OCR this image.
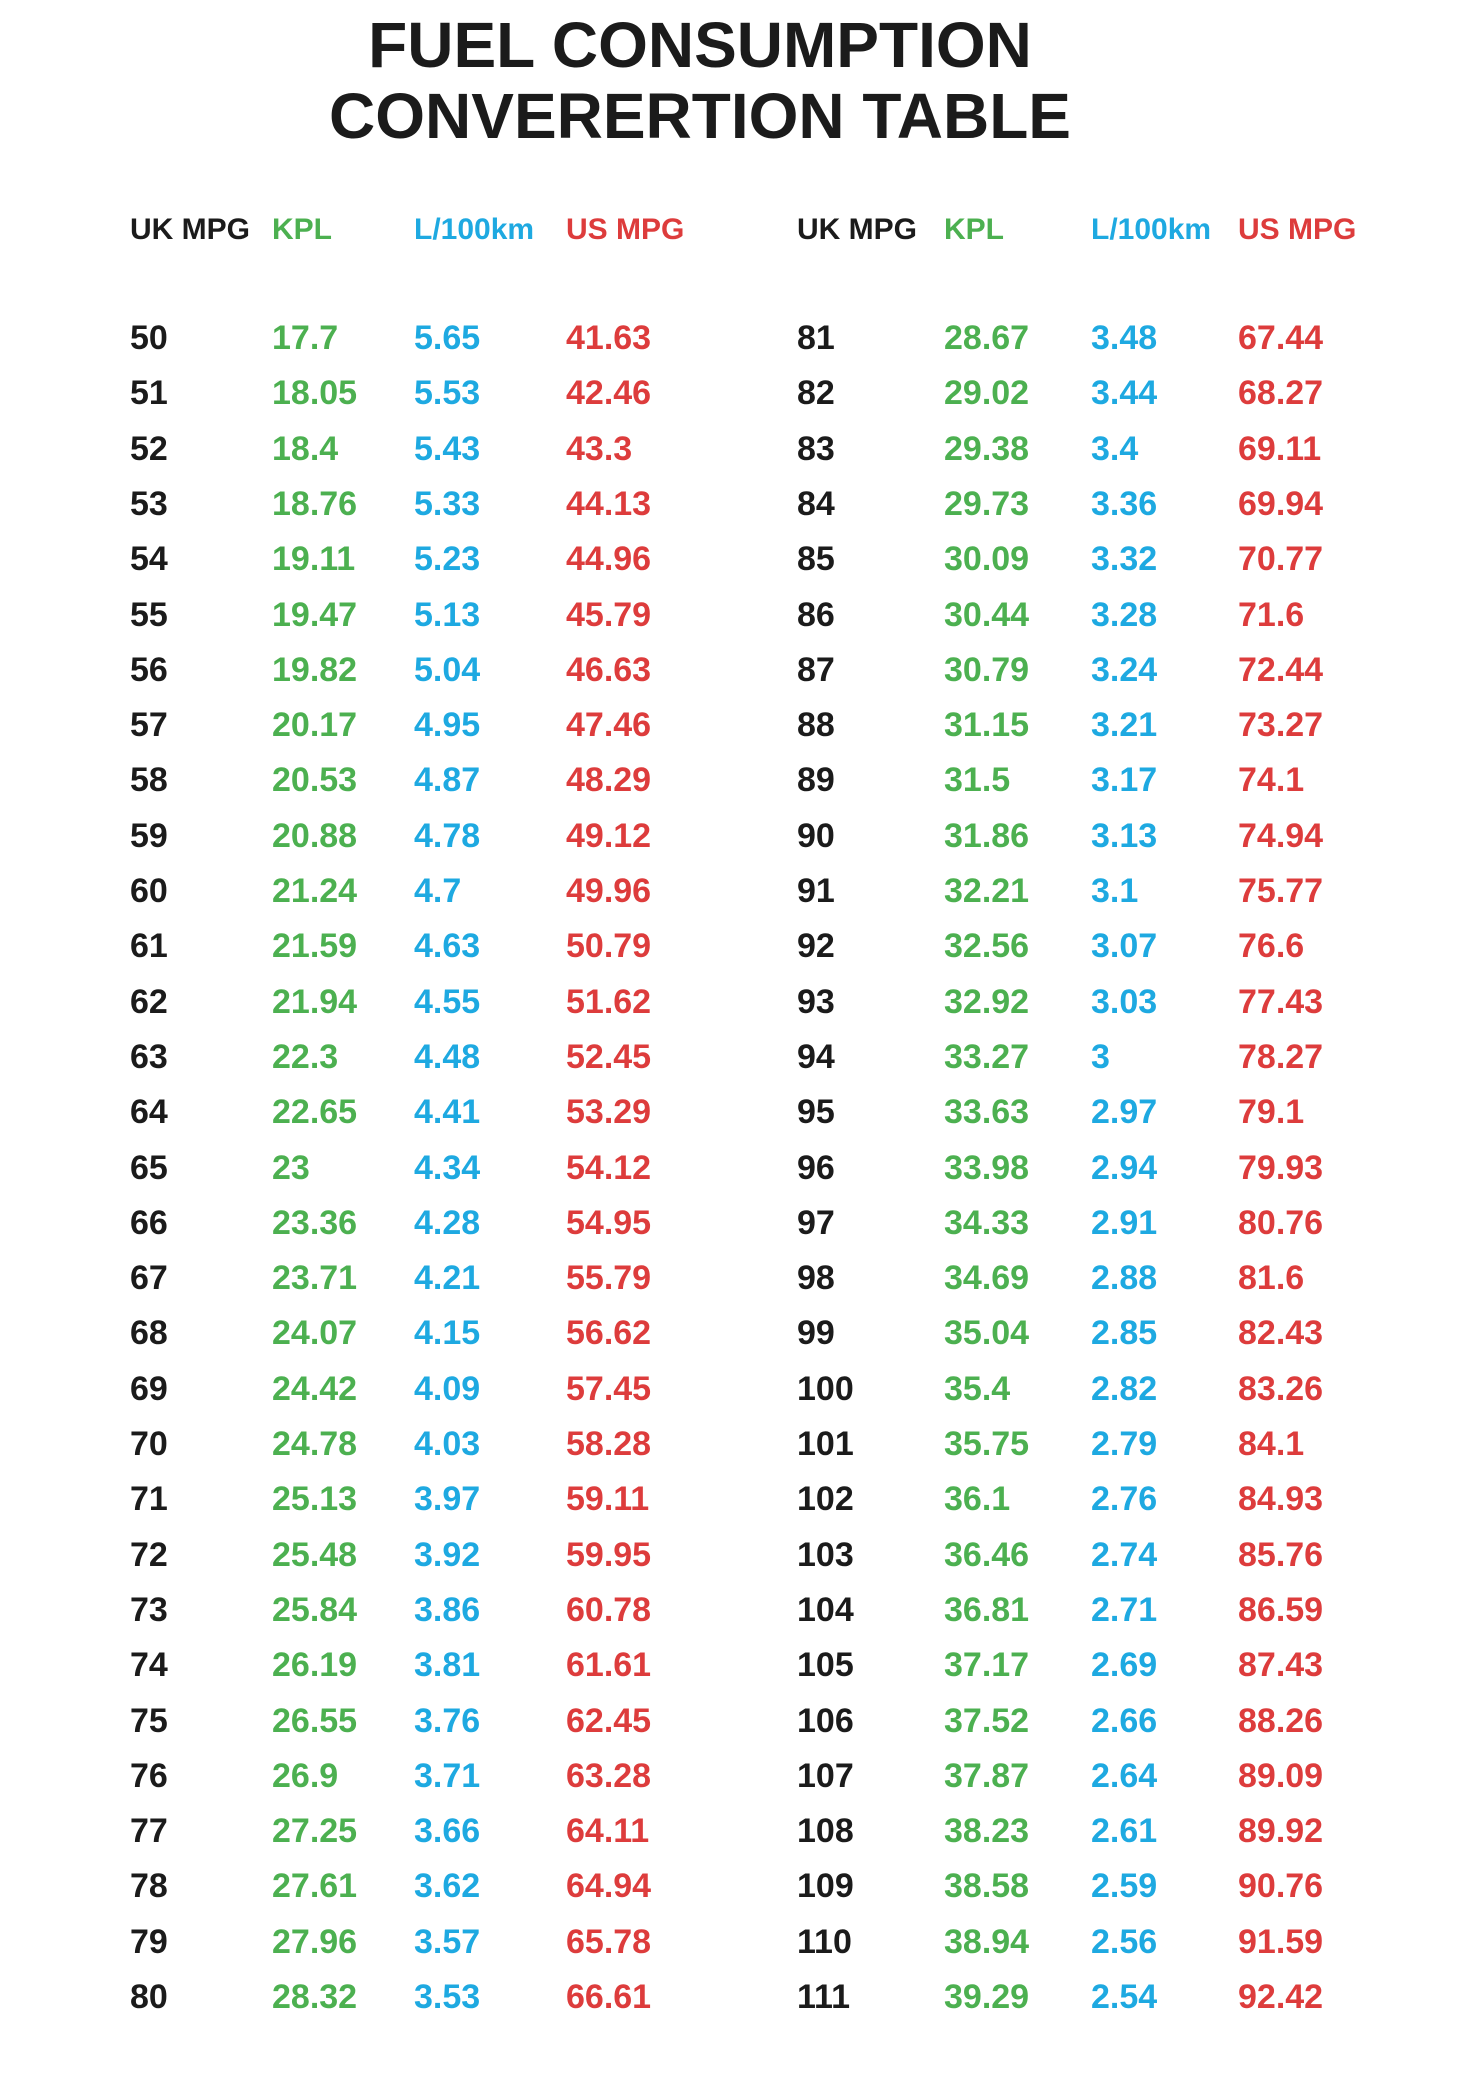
FUEL CONSUMPTION
CONVERERTION TABLE
UK MPG KPL	L/100km US MPG
50	17.7 5.65	41.63
51	18.05 5.53	42.46
52	18.4 5.43	43.3
53	18.76 5.33	44.13
54	19.11 5.23	44.96
55	19.47 5.13	45.79
56	19.82 5.04	46.63
57	20.17 4.95	47.46
58	20.53 4.87	48.29
59	20.88 4.78	49.12
60	21.24 4.7	49.96
61	21.59 4.63	50.79
62	21.94 4.55	51.62
63	22.3 4.48	52.45
64	22.65 4.41	53.29
65	23	4.34	54.12
66	23.36 4.28	54.95
67	23.71 4.21	55.79
68	24.07 4.15	56.62
69	24.42 4.09	57.45
70	24.78 4.03	58.28
71	25.13 3.97	59.11
72	25.48 3.92	59.95
73	25.84 3.86	60.78
74	26.19 3.81	61.61
75	26.55 3.76	62.45
76	26.9 3.71	63.28
77	27.25 3.66	64.11
78	27.61 3.62	64.94
79	27.96 3.57	65.78
80	28.32 3.53	66.61
UK MPG KPL	L/100km US MPG
81	28.67 3.48 67.44
82	29.02 3.44 68.27
83	29.38 3.4	69.11
84	29.73 3.36 69.94
85	30.09 3.32 70.77
86	30.44 3.28 71.6
87	30.79 3.24 72.44
88	31.15 3.21 73.27
89	31.5 3.17 74.1
90	31.86 3.13 74.94
91	32.21 3.1	75.77
92	32.56 3.07 76.6
93	32.92 3.03 77.43
94	33.27 3	78.27
95	33.63 2.97 79.1
96	33.98 2.94 79.93
97	34.33 2.91 80.76
98	34.69 2.88 81.6
99	35.04 2.85 82.43
100	35.4 2.82 83.26
101	35.75 2.79 84.1
102	36.1 2.76 84.93
103	36.46 2.74 85.76
104	36.81 2.71 86.59
105	37.17 2.69 87.43
106	37.52 2.66 88.26
107	37.87 2.64 89.09
108	38.23 2.61 89.92
109	38.58 2.59 90.76
110	38.94 2.56 91.59
111	39.29 2.54 92.42
